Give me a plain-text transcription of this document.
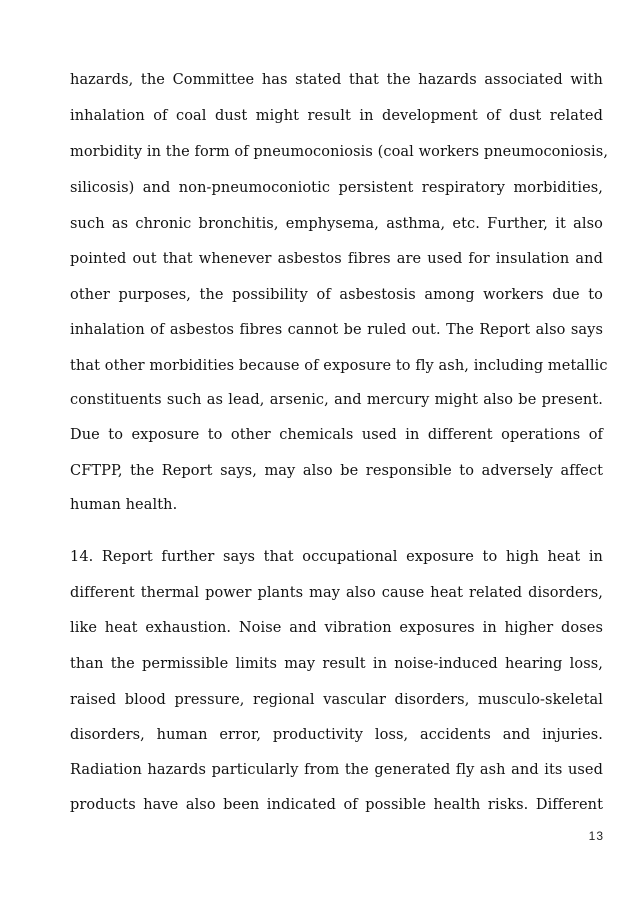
hazards, the Committee has stated that the hazards associated with
inhalation of coal dust might result in development of dust related
morbidity in the form of pneumoconiosis (coal workers pneumoconiosis,
silicosis) and non-pneumoconiotic persistent respiratory morbidities,
such as chronic bronchitis, emphysema, asthma, etc. Further, it also
pointed out that whenever asbestos fibres are used for insulation and
other purposes, the possibility of asbestosis among workers due to
inhalation of asbestos fibres cannot be ruled out. The Report also says
that other morbidities because of exposure to fly ash, including metallic
constituents such as lead, arsenic, and mercury might also be present.
Due to exposure to other chemicals used in different operations of
CFTPP, the Report says, may also be responsible to adversely affect
human health.
14. Report further says that occupational exposure to high heat in
different thermal power plants may also cause heat related disorders,
like heat exhaustion. Noise and vibration exposures in higher doses
than the permissible limits may result in noise-induced hearing loss,
raised blood pressure, regional vascular disorders, musculo-skeletal
disorders, human error, productivity loss, accidents and injuries.
Radiation hazards particularly from the generated fly ash and its used
products have also been indicated of possible health risks. Different
13
